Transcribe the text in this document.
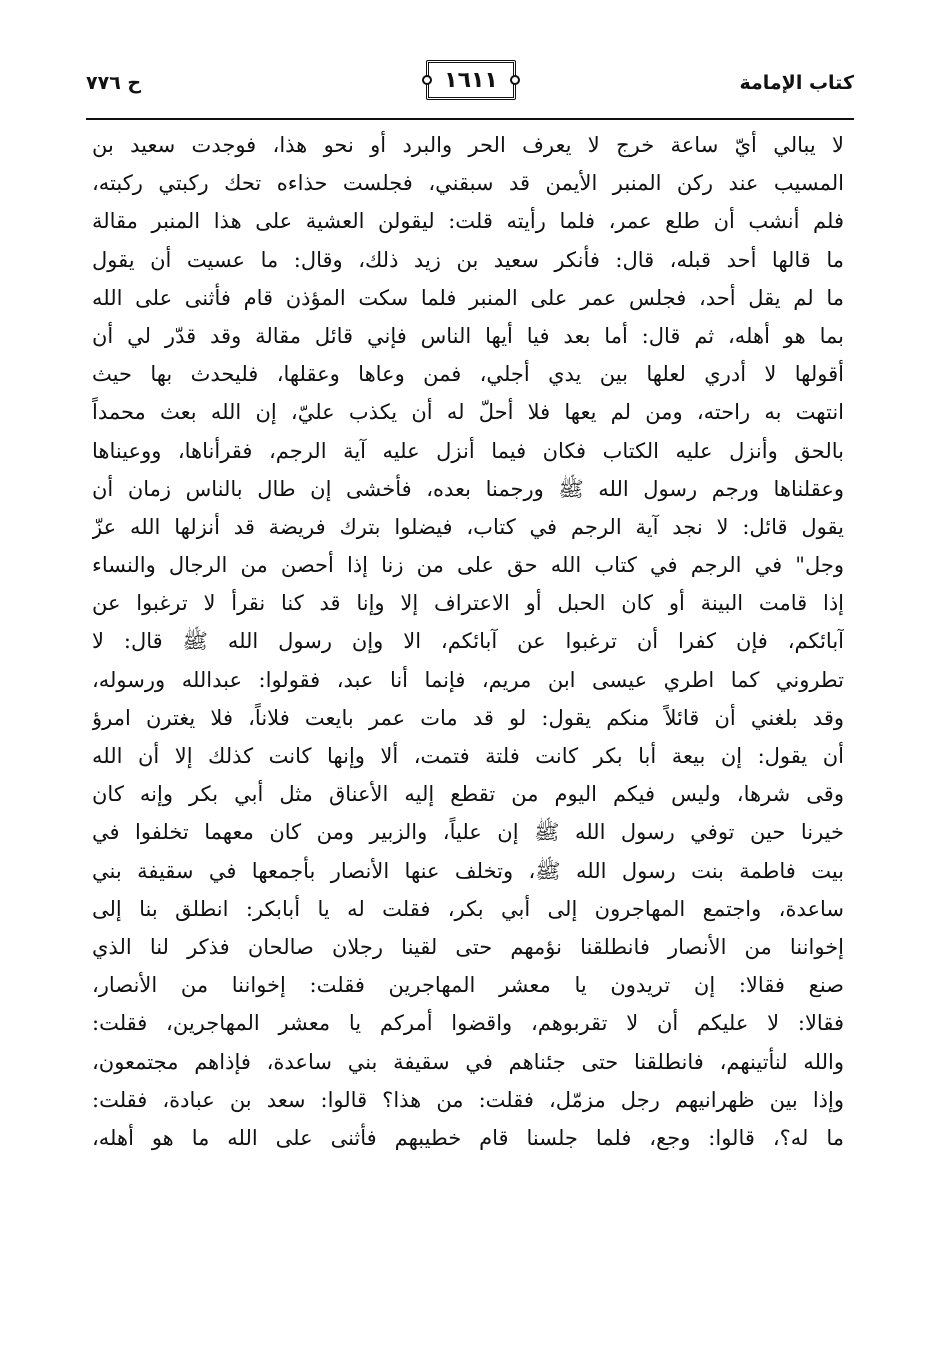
كتاب الإمامة
١٦١١
ح ٧٧٦
لا يبالي أيّ ساعة خرج لا يعرف الحر والبرد أو نحو هذا، فوجدت سعيد بن
المسيب عند ركن المنبر الأيمن قد سبقني، فجلست حذاءه تحك ركبتي ركبته،
فلم أنشب أن طلع عمر، فلما رأيته قلت: ليقولن العشية على هذا المنبر مقالة
ما قالها أحد قبله، قال: فأنكر سعيد بن زيد ذلك، وقال: ما عسيت أن يقول
ما لم يقل أحد، فجلس عمر على المنبر فلما سكت المؤذن قام فأثنى على الله
بما هو أهله، ثم قال: أما بعد فيا أيها الناس فإني قائل مقالة وقد قدّر لي أن
أقولها لا أدري لعلها بين يدي أجلي، فمن وعاها وعقلها، فليحدث بها حيث
انتهت به راحته، ومن لم يعها فلا أحلّ له أن يكذب عليّ، إن الله بعث محمداً
بالحق وأنزل عليه الكتاب فكان فيما أنزل عليه آية الرجم، فقرأناها، ووعيناها
وعقلناها ورجم رسول الله ﷺ ورجمنا بعده، فأخشى إن طال بالناس زمان أن
يقول قائل: لا نجد آية الرجم في كتاب، فيضلوا بترك فريضة قد أنزلها الله عزّ
وجل" في الرجم في كتاب الله حق على من زنا إذا أحصن من الرجال والنساء
إذا قامت البينة أو كان الحبل أو الاعتراف إلا وإنا قد كنا نقرأ لا ترغبوا عن
آبائكم، فإن كفرا أن ترغبوا عن آبائكم، الا وإن رسول الله ﷺ قال: لا
تطروني كما اطري عيسى ابن مريم، فإنما أنا عبد، فقولوا: عبدالله ورسوله،
وقد بلغني أن قائلاً منكم يقول: لو قد مات عمر بايعت فلاناً، فلا يغترن امرؤ
أن يقول: إن بيعة أبا بكر كانت فلتة فتمت، ألا وإنها كانت كذلك إلا أن الله
وقى شرها، وليس فيكم اليوم من تقطع إليه الأعناق مثل أبي بكر وإنه كان
خيرنا حين توفي رسول الله ﷺ إن علياً، والزبير ومن كان معهما تخلفوا في
بيت فاطمة بنت رسول الله ﷺ، وتخلف عنها الأنصار بأجمعها في سقيفة بني
ساعدة، واجتمع المهاجرون إلى أبي بكر، فقلت له يا أبابكر: انطلق بنا إلى
إخواننا من الأنصار فانطلقنا نؤمهم حتى لقينا رجلان صالحان فذكر لنا الذي
صنع فقالا: إن تريدون يا معشر المهاجرين فقلت: إخواننا من الأنصار،
فقالا: لا عليكم أن لا تقربوهم، واقضوا أمركم يا معشر المهاجرين، فقلت:
والله لنأتينهم، فانطلقنا حتى جئناهم في سقيفة بني ساعدة، فإذاهم مجتمعون،
وإذا بين ظهرانيهم رجل مزمّل، فقلت: من هذا؟ قالوا: سعد بن عبادة، فقلت:
ما له؟، قالوا: وجع، فلما جلسنا قام خطيبهم فأثنى على الله ما هو أهله،
